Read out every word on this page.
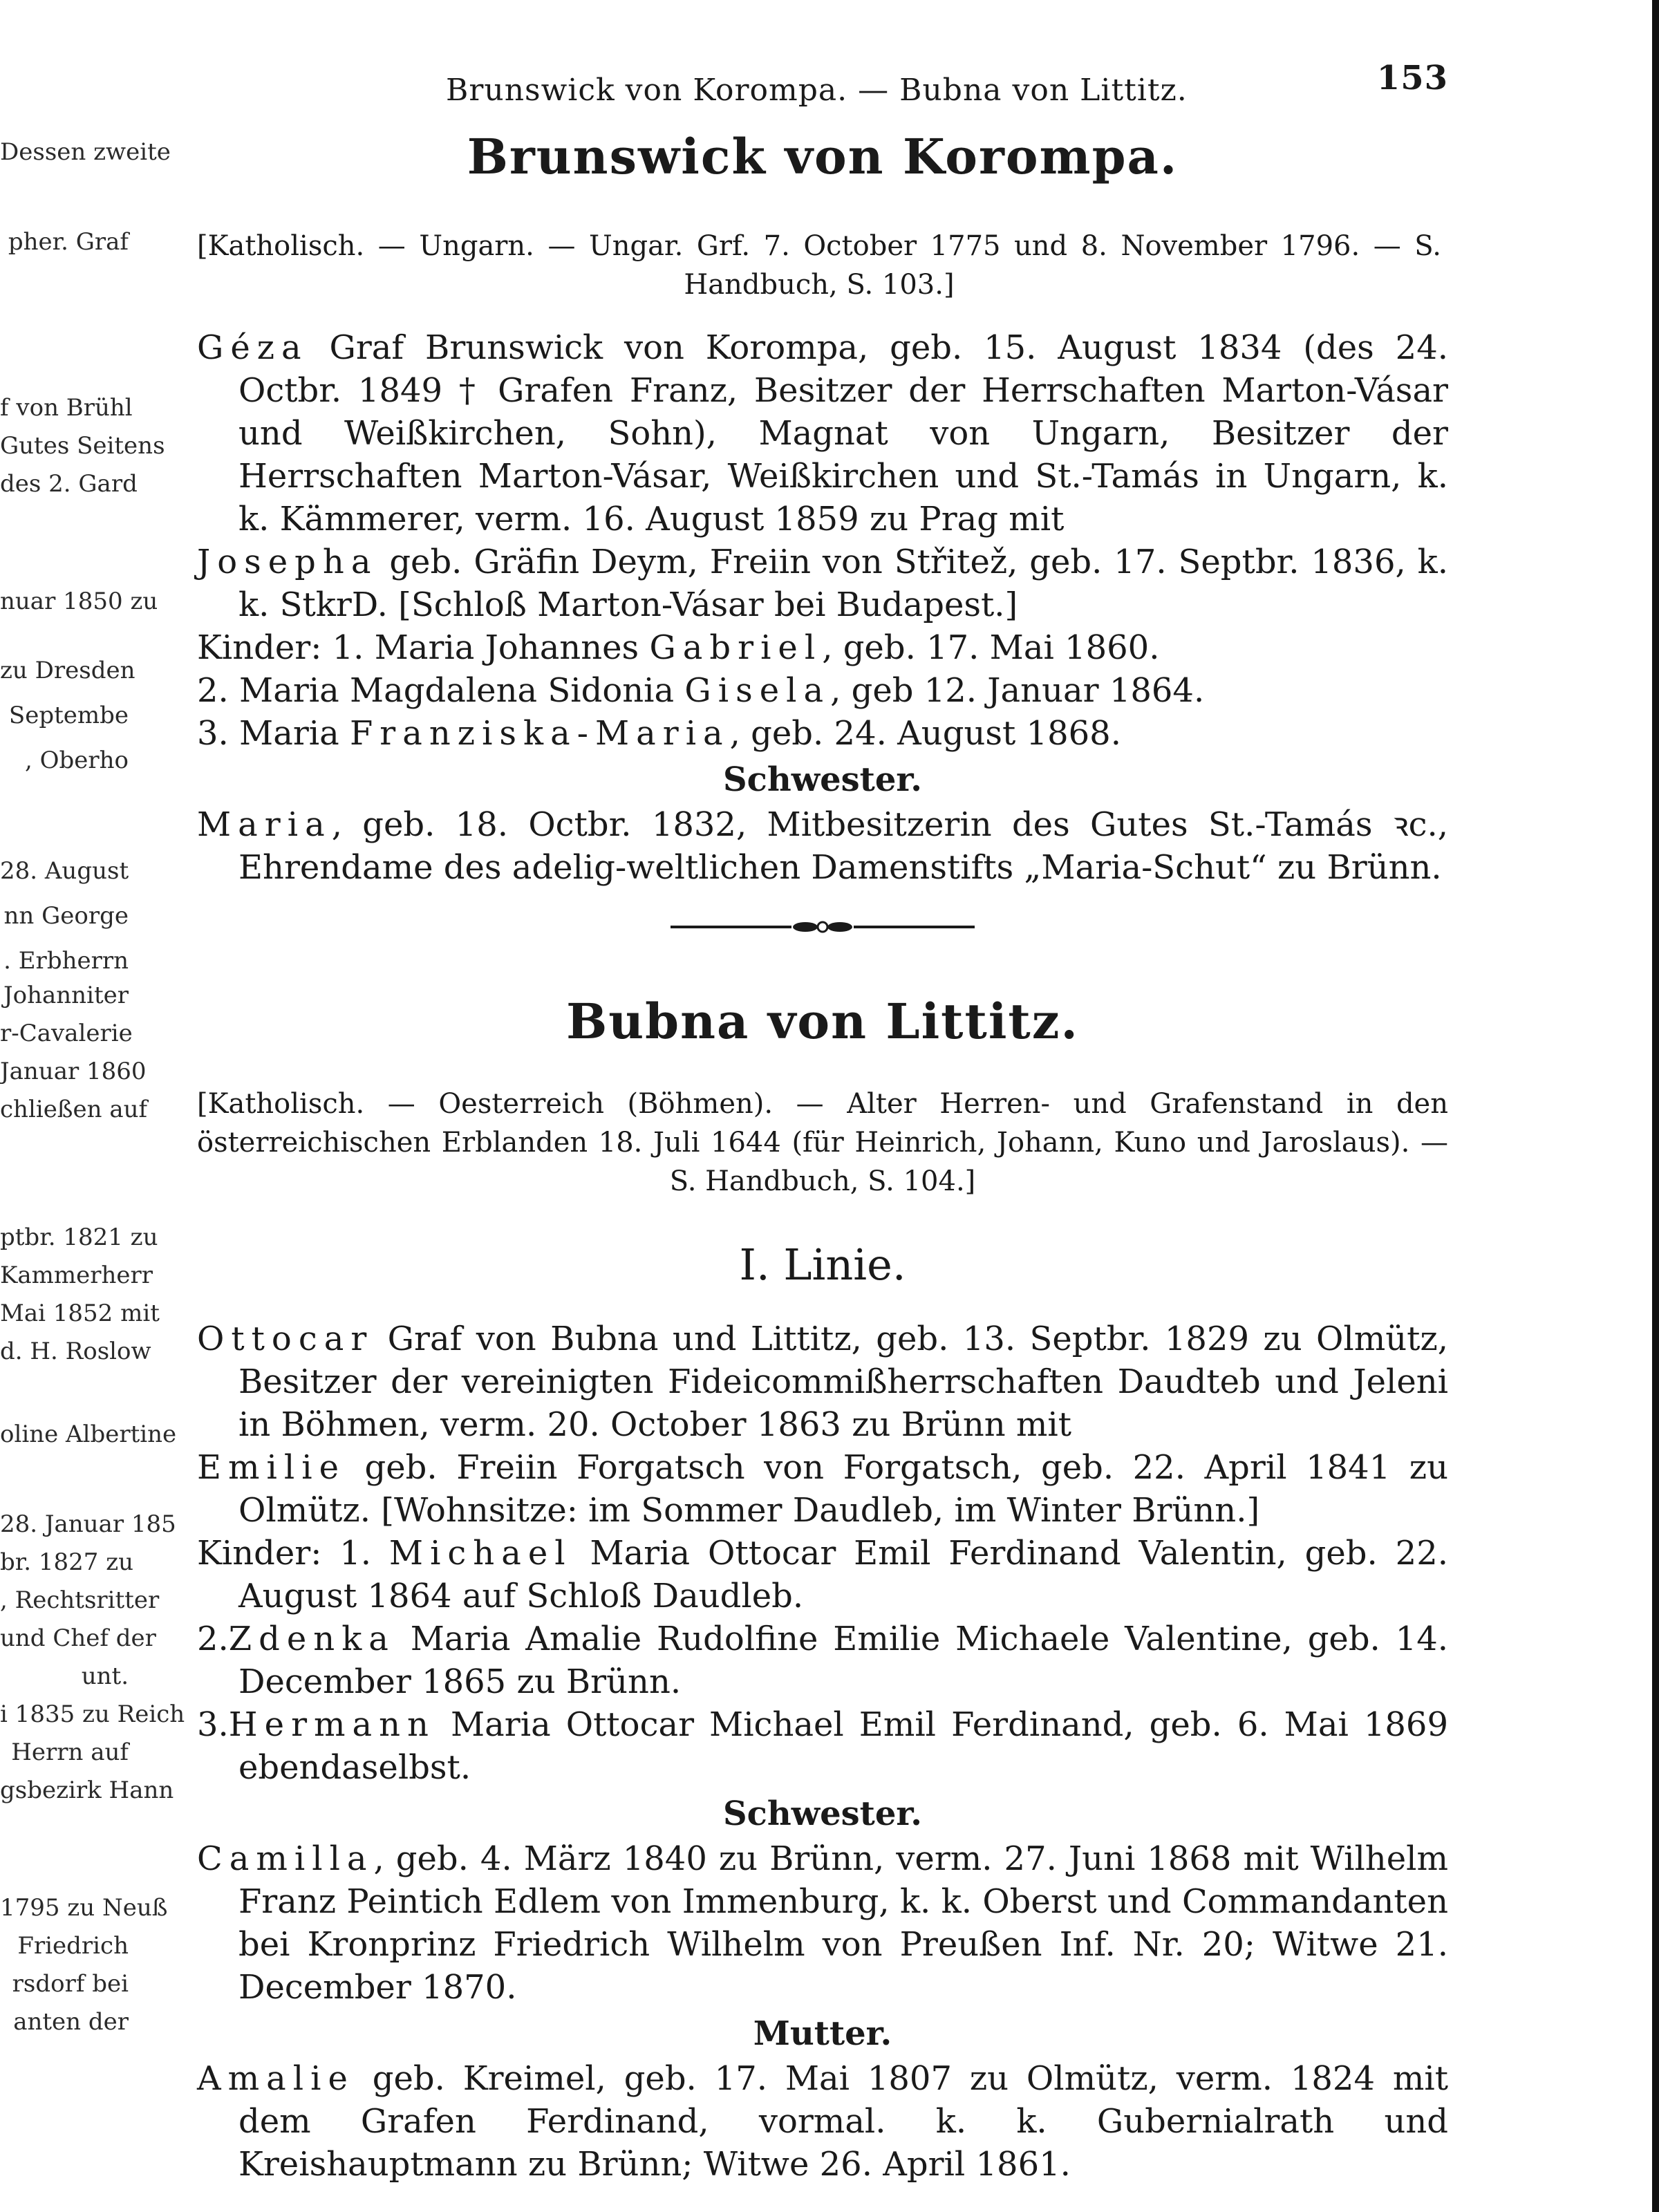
Dessen zweite
pher. Graf
f von Brühl
Gutes Seitens
des 2. Gard
nuar 1850 zu
zu Dresden
Septembe
, Oberho
28. August
nn George
. Erbherrn
Johanniter
r-Cavalerie
Januar 1860
chließen auf
ptbr. 1821 zu
Kammerherr
Mai 1852 mit
d. H. Roslow
oline Albertine
28. Januar 185
br. 1827 zu
, Rechtsritter
und Chef der
unt.
i 1835 zu Reich
Herrn auf
gsbezirk Hann
1795 zu Neuß
Friedrich
rsdorf bei
anten der
Brunswick von Korompa. — Bubna von Littitz.	153
Brunswick von Korompa.

[Katholisch. — Ungarn. — Ungar. Grf. 7. October 1775 und 8. November 1796. — S. Handbuch, S. 103.]

Géza Graf Brunswick von Korompa, geb. 15. August 1834 (des 24. Octbr. 1849 † Grafen Franz, Besitzer der Herrschaften Marton-Vásar und Weißkirchen, Sohn), Magnat von Ungarn, Besitzer der Herrschaften Marton-Vásar, Weißkirchen und St.-Tamás in Ungarn, k. k. Kämmerer, verm. 16. August 1859 zu Prag mit

Josepha geb. Gräfin Deym, Freiin von Střitež, geb. 17. Septbr. 1836, k. k. StkrD. [Schloß Marton-Vásar bei Budapest.]

Kinder: 1. Maria Johannes Gabriel, geb. 17. Mai 1860.

2. Maria Magdalena Sidonia Gisela, geb 12. Januar 1864.

3. Maria Franziska-Maria, geb. 24. August 1868.

Schwester.

Maria, geb. 18. Octbr. 1832, Mitbesitzerin des Gutes St.-Tamás ꝛc., Ehrendame des adelig-weltlichen Damenstifts „Maria-Schut“ zu Brünn.

Bubna von Littitz.

[Katholisch. — Oesterreich (Böhmen). — Alter Herren- und Grafenstand in den österreichischen Erblanden 18. Juli 1644 (für Heinrich, Johann, Kuno und Jaroslaus). — S. Handbuch, S. 104.]

I. Linie.

Ottocar Graf von Bubna und Littitz, geb. 13. Septbr. 1829 zu Olmütz, Besitzer der vereinigten Fideicommißherrschaften Daudteb und Jeleni in Böhmen, verm. 20. October 1863 zu Brünn mit

Emilie geb. Freiin Forgatsch von Forgatsch, geb. 22. April 1841 zu Olmütz. [Wohnsitze: im Sommer Daudleb, im Winter Brünn.]

Kinder: 1. Michael Maria Ottocar Emil Ferdinand Valentin, geb. 22. August 1864 auf Schloß Daudleb.

2.Zdenka Maria Amalie Rudolfine Emilie Michaele Valentine, geb. 14. December 1865 zu Brünn.

3.Hermann Maria Ottocar Michael Emil Ferdinand, geb. 6. Mai 1869 ebendaselbst.

Schwester.

Camilla, geb. 4. März 1840 zu Brünn, verm. 27. Juni 1868 mit Wilhelm Franz Peintich Edlem von Immenburg, k. k. Oberst und Commandanten bei Kronprinz Friedrich Wilhelm von Preußen Inf. Nr. 20; Witwe 21. December 1870.

Mutter.

Amalie geb. Kreimel, geb. 17. Mai 1807 zu Olmütz, verm. 1824 mit dem Grafen Ferdinand, vormal. k. k. Gubernialrath und Kreishauptmann zu Brünn; Witwe 26. April 1861.
